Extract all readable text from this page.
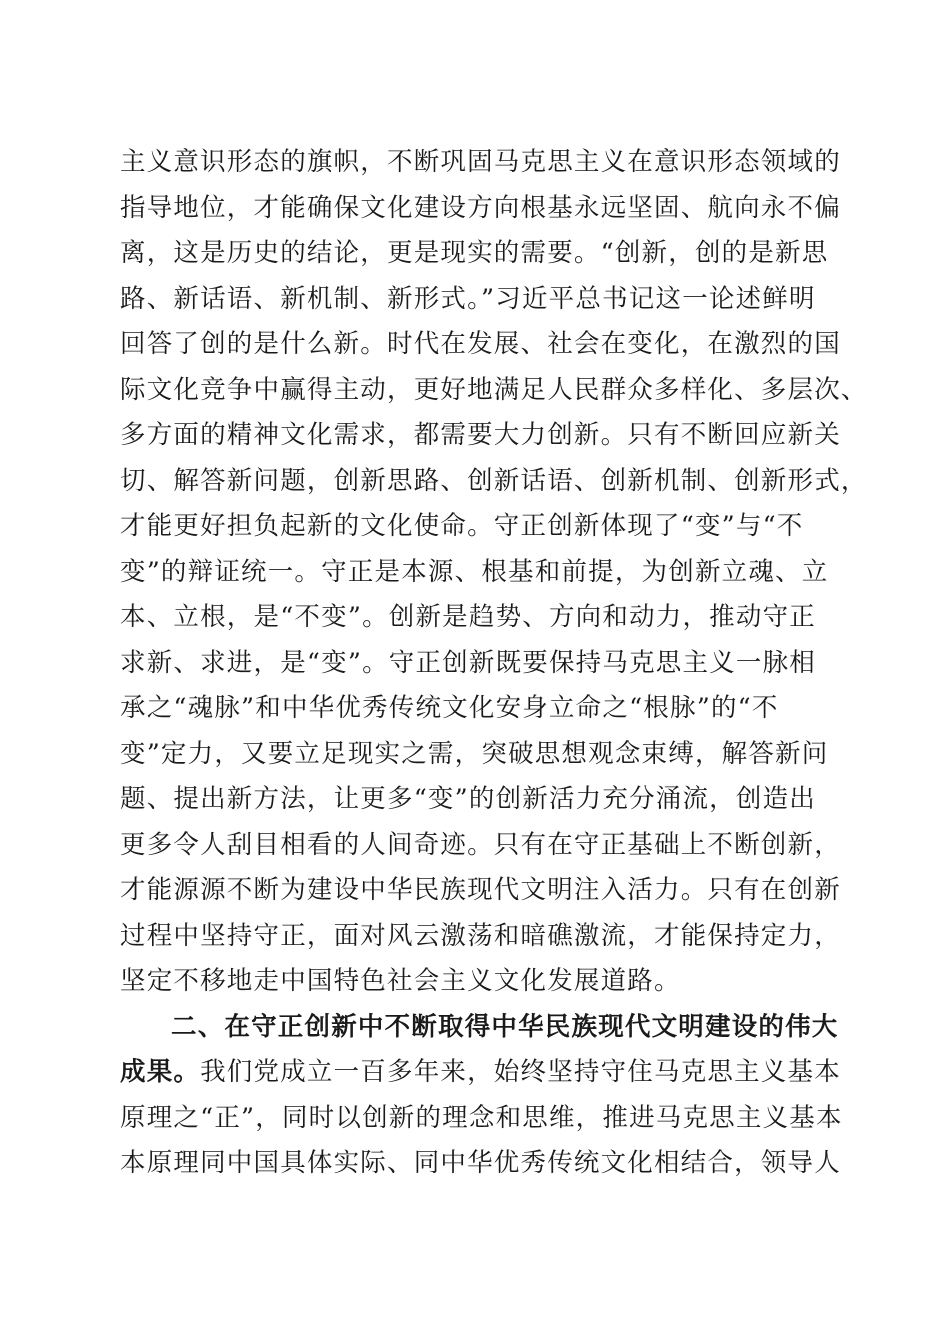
主义意识形态的旗帜，不断巩固马克思主义在意识形态领域的
指导地位，才能确保文化建设方向根基永远坚固、航向永不偏
离，这是历史的结论，更是现实的需要。“创新，创的是新思
路、新话语、新机制、新形式。”习近平总书记这一论述鲜明
回答了创的是什么新。时代在发展、社会在变化，在激烈的国
际文化竞争中赢得主动，更好地满足人民群众多样化、多层次、
多方面的精神文化需求，都需要大力创新。只有不断回应新关
切、解答新问题，创新思路、创新话语、创新机制、创新形式，
才能更好担负起新的文化使命。守正创新体现了“变”与“不
变”的辩证统一。守正是本源、根基和前提，为创新立魂、立
本、立根，是“不变”。创新是趋势、方向和动力，推动守正
求新、求进，是“变”。守正创新既要保持马克思主义一脉相
承之“魂脉”和中华优秀传统文化安身立命之“根脉”的“不
变”定力，又要立足现实之需，突破思想观念束缚，解答新问
题、提出新方法，让更多“变”的创新活力充分涌流，创造出
更多令人刮目相看的人间奇迹。只有在守正基础上不断创新，
才能源源不断为建设中华民族现代文明注入活力。只有在创新
过程中坚持守正，面对风云激荡和暗礁激流，才能保持定力，
坚定不移地走中国特色社会主义文化发展道路。
二、在守正创新中不断取得中华民族现代文明建设的伟大
成果。我们党成立一百多年来，始终坚持守住马克思主义基本
原理之“正”，同时以创新的理念和思维，推进马克思主义基本
本原理同中国具体实际、同中华优秀传统文化相结合，领导人
